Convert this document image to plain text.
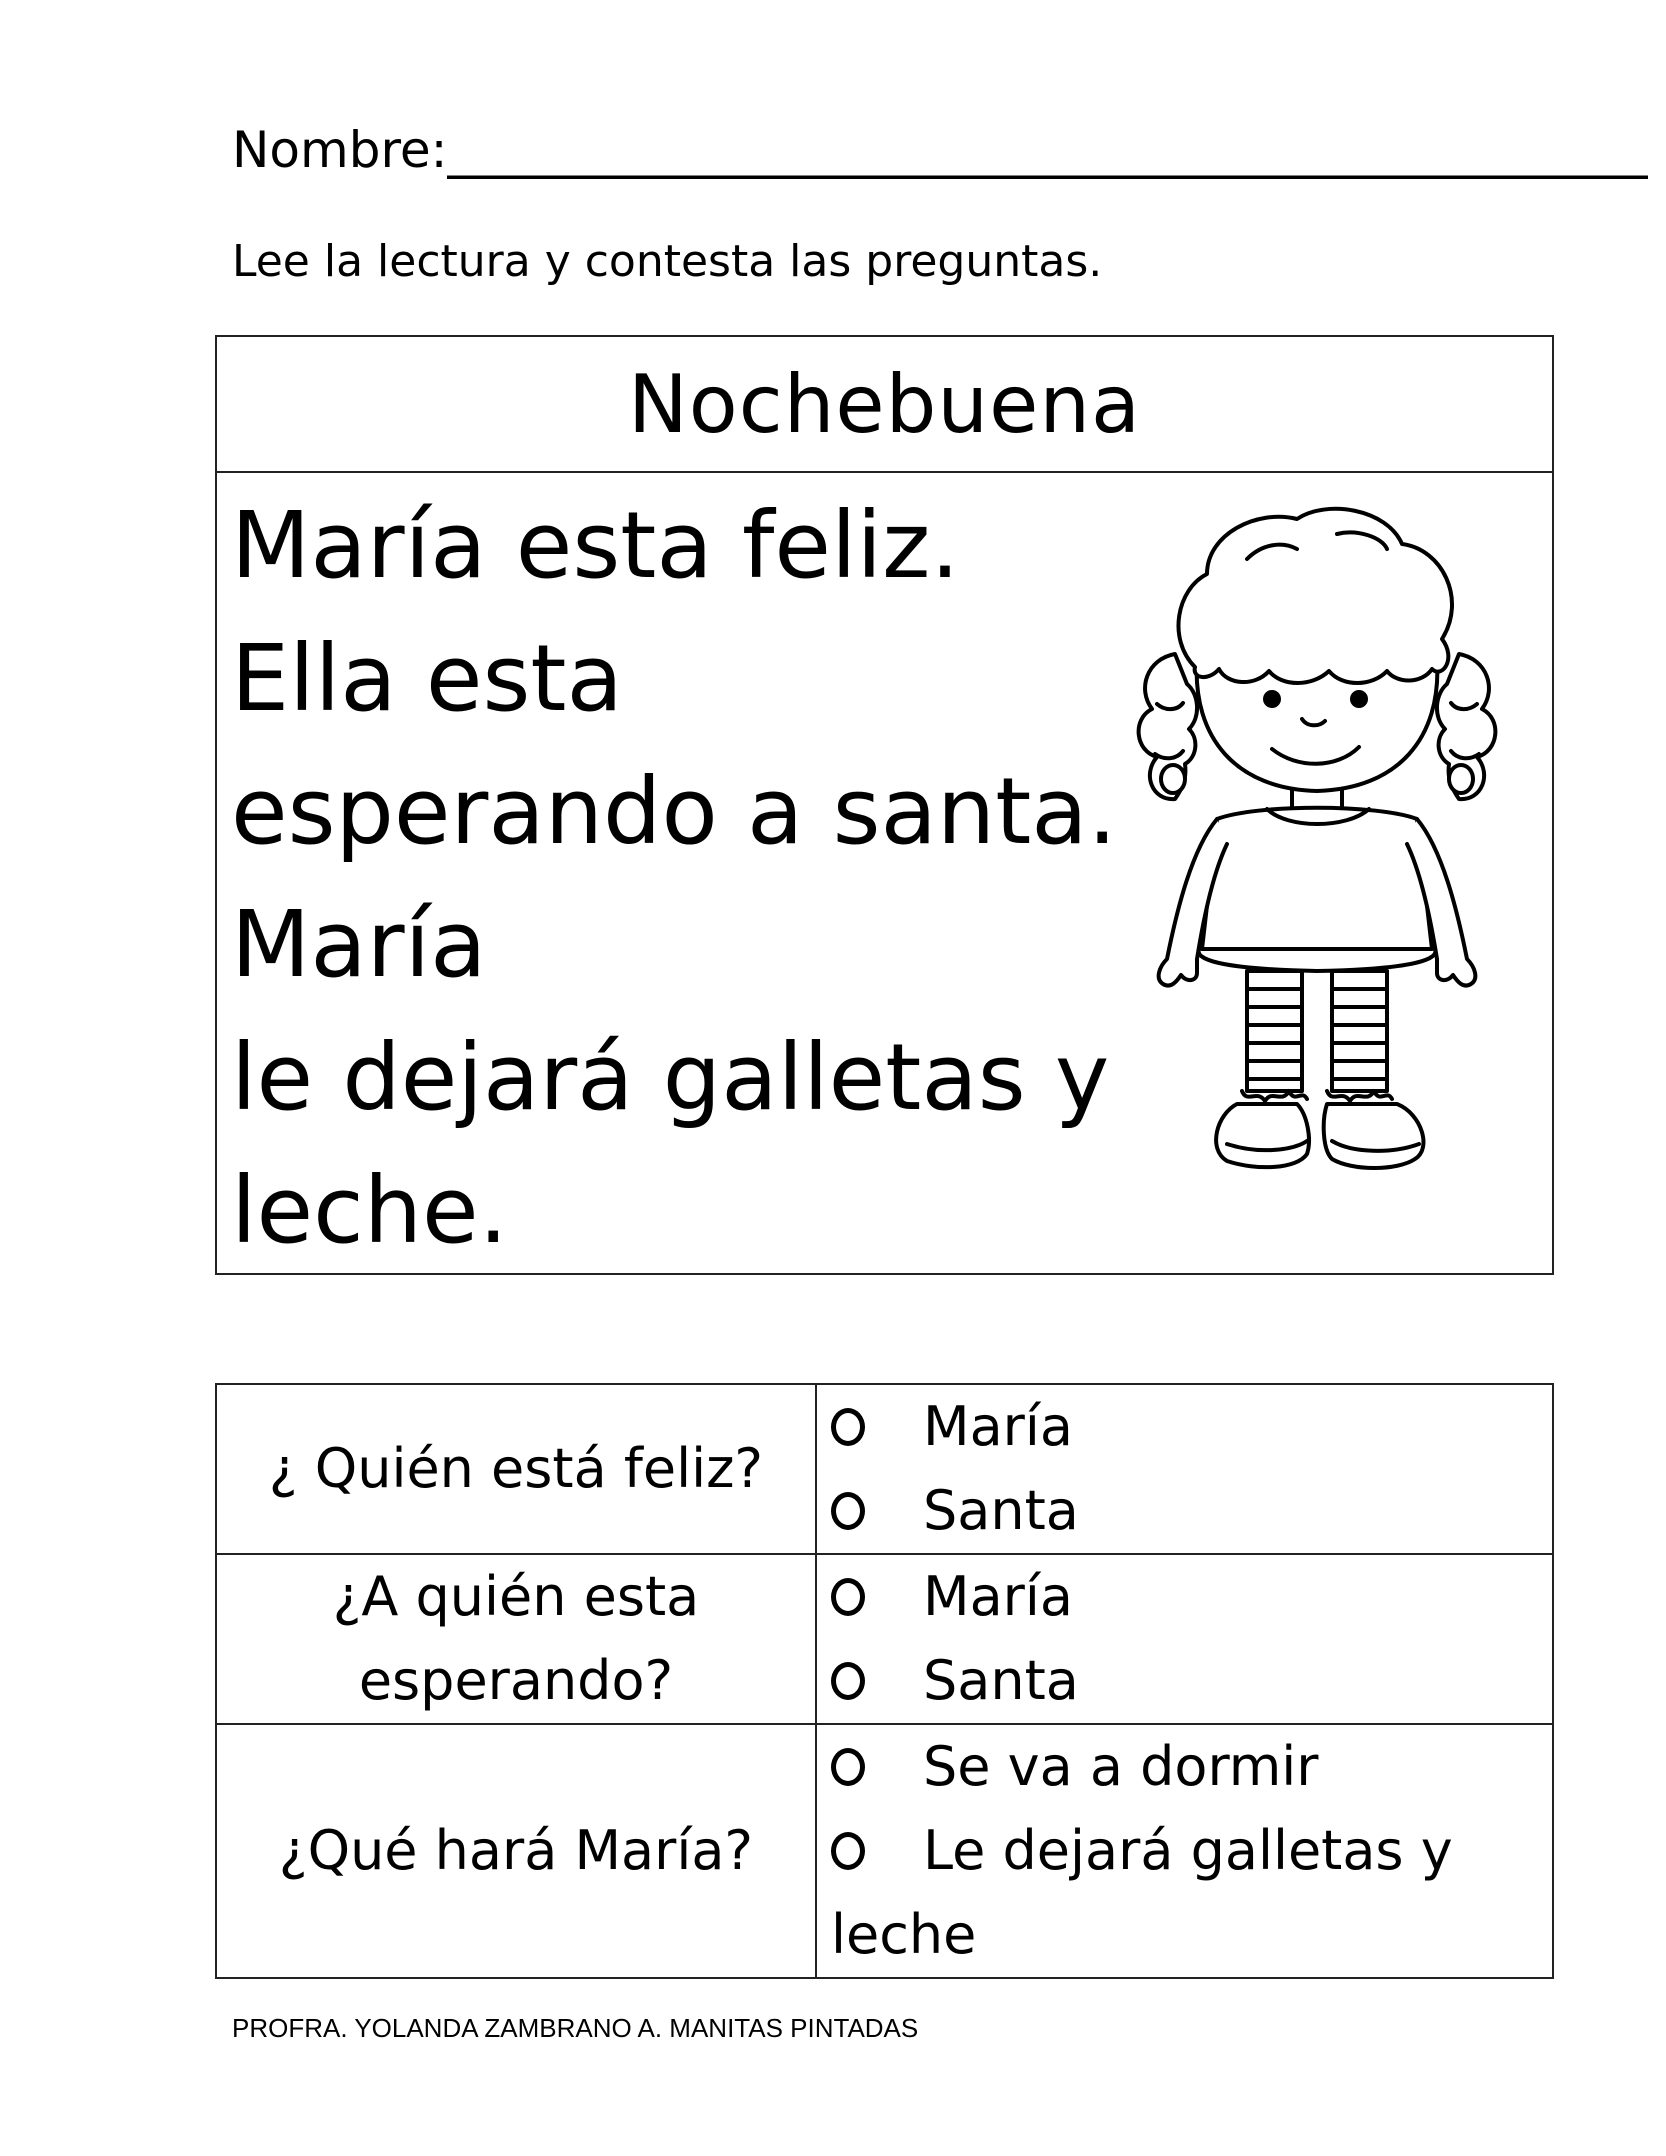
Nombre:________________________________________________
Lee la lectura y contesta las preguntas.
Nochebuena
María esta feliz.
Ella esta
esperando a santa.
María
le dejará galletas y
leche.
¿ Quién está feliz?	María
Santa

¿A quién esta esperando?	María
Santa

¿Qué hará María?	Se va a dormir
Le dejará galletas y
leche
PROFRA. YOLANDA ZAMBRANO A. MANITAS PINTADAS
